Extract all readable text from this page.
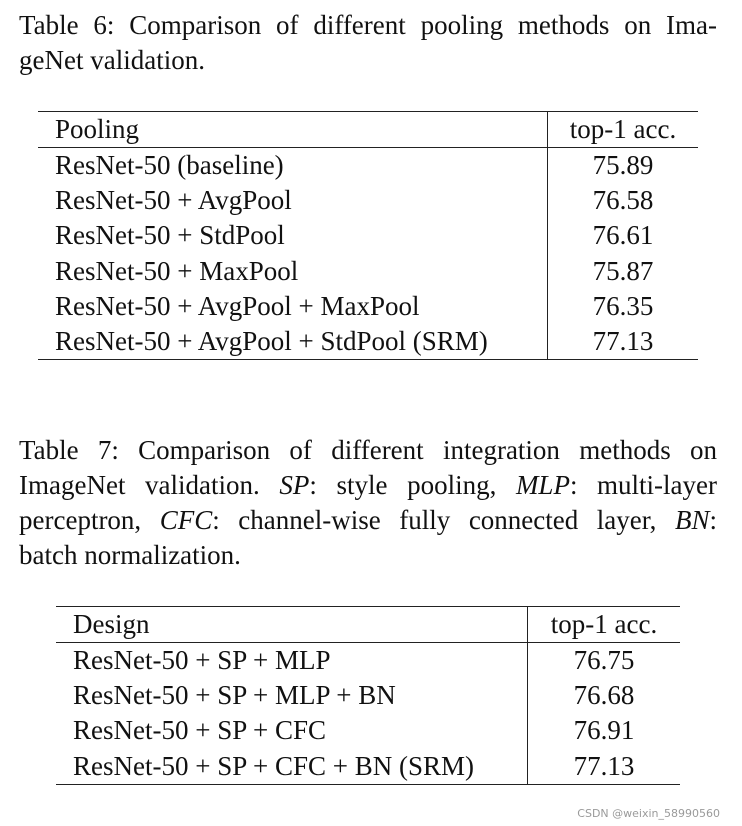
Table 6: Comparison of different pooling methods on Ima-
geNet validation.
Pooling	top-1 acc.
ResNet-50 (baseline)	75.89
ResNet-50 + AvgPool	76.58
ResNet-50 + StdPool	76.61
ResNet-50 + MaxPool	75.87
ResNet-50 + AvgPool + MaxPool	76.35
ResNet-50 + AvgPool + StdPool (SRM)	77.13
Table 7: Comparison of different integration methods on
ImageNet validation. SP: style pooling, MLP: multi-layer
perceptron, CFC: channel-wise fully connected layer, BN:
batch normalization.
Design	top-1 acc.
ResNet-50 + SP + MLP	76.75
ResNet-50 + SP + MLP + BN	76.68
ResNet-50 + SP + CFC	76.91
ResNet-50 + SP + CFC + BN (SRM)	77.13
CSDN @weixin_58990560
